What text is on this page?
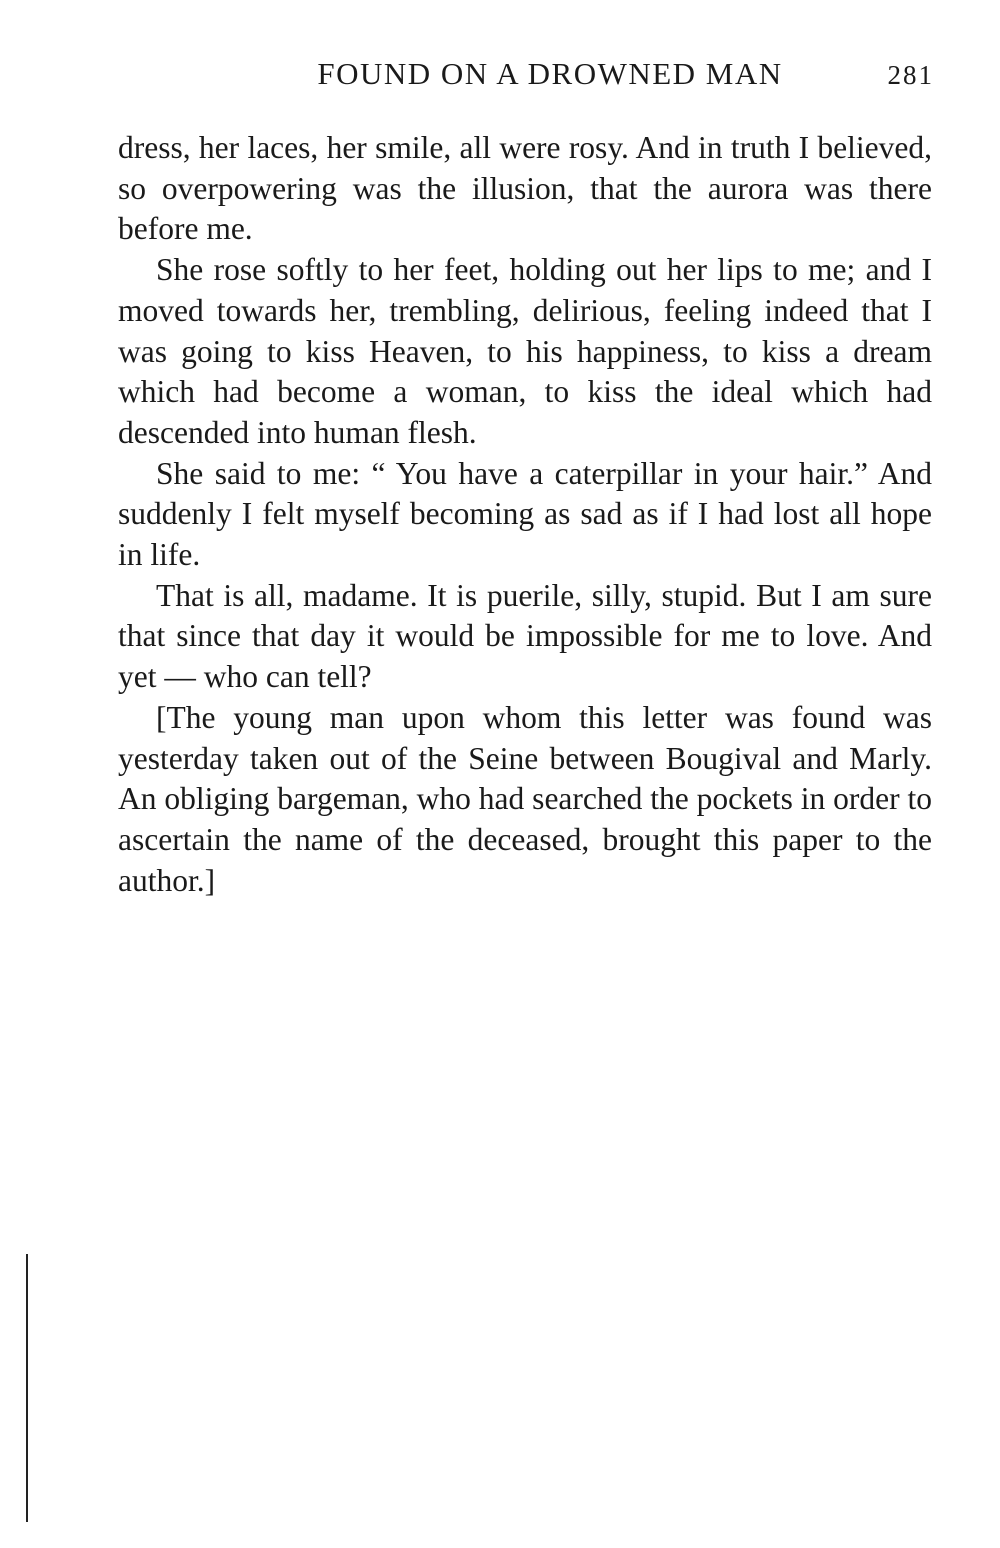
FOUND ON A DROWNED MAN	281

dress, her laces, her smile, all were rosy. And in truth I believed, so overpowering was the illusion, that the aurora was there before me.

She rose softly to her feet, holding out her lips to me; and I moved towards her, trembling, delirious, feeling indeed that I was going to kiss Heaven, to his happiness, to kiss a dream which had become a woman, to kiss the ideal which had descended into human flesh.

She said to me: “ You have a caterpillar in your hair.” And suddenly I felt myself becoming as sad as if I had lost all hope in life.

That is all, madame. It is puerile, silly, stupid. But I am sure that since that day it would be impossible for me to love. And yet — who can tell?

[The young man upon whom this letter was found was yesterday taken out of the Seine between Bougival and Marly. An obliging bargeman, who had searched the pockets in order to ascertain the name of the deceased, brought this paper to the author.]
